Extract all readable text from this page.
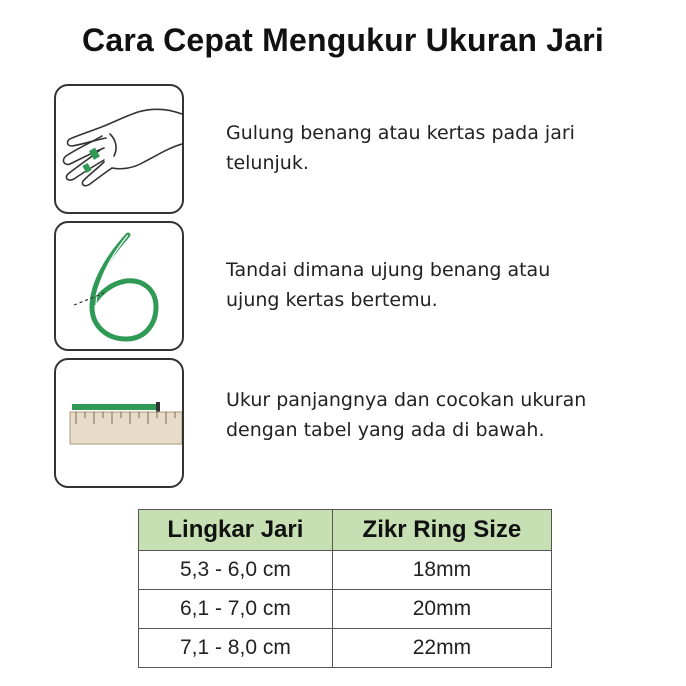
Cara Cepat Mengukur Ukuran Jari
Gulung benang atau kertas pada jari
telunjuk.
Tandai dimana ujung benang atau
ujung kertas bertemu.
Ukur panjangnya dan cocokan ukuran
dengan tabel yang ada di bawah.
Lingkar Jari	Zikr Ring Size
5,3 - 6,0 cm	18mm
6,1 - 7,0 cm	20mm
7,1 - 8,0 cm	22mm
